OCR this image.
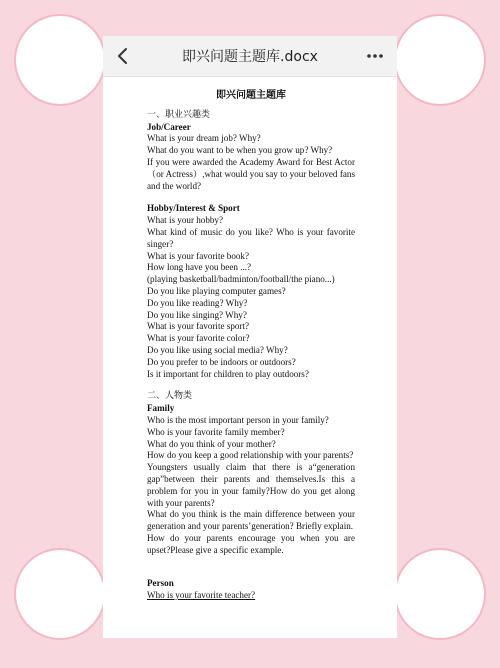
即兴问题主题库.docx
即兴问题主题库
一、职业兴趣类
Job/Career
What is your dream job? Why?
What do you want to be when you grow up? Why?
If you were awarded the Academy Award for Best Actor（or Actress）,what would you say to your beloved fans and the world?
Hobby/Interest & Sport
What is your hobby?
What kind of music do you like? Who is your favorite singer?
What is your favorite book?
How long have you been ...?
(playing basketball/badminton/football/the piano...)
Do you like playing computer games?
Do you like reading? Why?
Do you like singing? Why?
What is your favorite sport?
What is your favorite color?
Do you like using social media? Why?
Do you prefer to be indoors or outdoors?
Is it important for children to play outdoors?
二、人物类
Family
Who is the most important person in your family?
Who is your favorite family member?
What do you think of your mother?
How do you keep a good relationship with your parents?
Youngsters usually claim that there is a“generation gap”between their parents and themselves.Is this a problem for you in your family?How do you get along with your parents?
What do you think is the main difference between your generation and your parents’generation? Briefly explain.
How do your parents encourage you when you are upset?Please give a specific example.
Person
Who is your favorite teacher?
